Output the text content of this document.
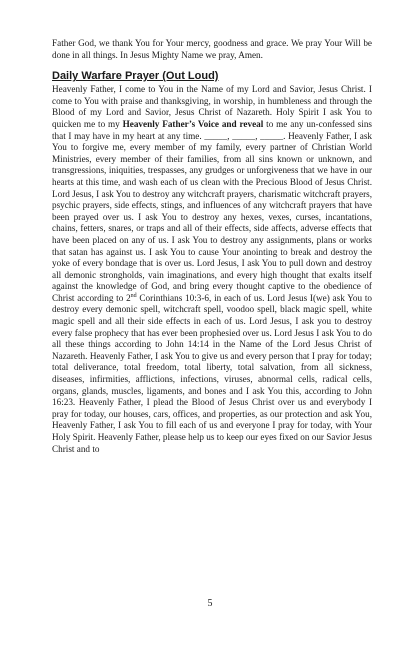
Father God, we thank You for Your mercy, goodness and grace. We pray Your Will be done in all things. In Jesus Mighty Name we pray, Amen.

Daily Warfare Prayer (Out Loud)

Heavenly Father, I come to You in the Name of my Lord and Savior, Jesus Christ. I come to You with praise and thanksgiving, in worship, in humbleness and through the Blood of my Lord and Savior, Jesus Christ of Nazareth. Holy Spirit I ask You to quicken me to my Heavenly Father’s Voice and reveal to me any un-confessed sins that I may have in my heart at any time. _____, _____, _____. Heavenly Father, I ask You to forgive me, every member of my family, every partner of Christian World Ministries, every member of their families, from all sins known or unknown, and transgressions, iniquities, trespasses, any grudges or unforgiveness that we have in our hearts at this time, and wash each of us clean with the Precious Blood of Jesus Christ. Lord Jesus, I ask You to destroy any witchcraft prayers, charismatic witchcraft prayers, psychic prayers, side effects, stings, and influences of any witchcraft prayers that have been prayed over us. I ask You to destroy any hexes, vexes, curses, incantations, chains, fetters, snares, or traps and all of their effects, side affects, adverse effects that have been placed on any of us. I ask You to destroy any assignments, plans or works that satan has against us. I ask You to cause Your anointing to break and destroy the yoke of every bondage that is over us. Lord Jesus, I ask You to pull down and destroy all demonic strongholds, vain imaginations, and every high thought that exalts itself against the knowledge of God, and bring every thought captive to the obedience of Christ according to 2nd Corinthians 10:3-6, in each of us. Lord Jesus I(we) ask You to destroy every demonic spell, witchcraft spell, voodoo spell, black magic spell, white magic spell and all their side effects in each of us. Lord Jesus, I ask you to destroy every false prophecy that has ever been prophesied over us. Lord Jesus I ask You to do all these things according to John 14:14 in the Name of the Lord Jesus Christ of Nazareth. Heavenly Father, I ask You to give us and every person that I pray for today; total deliverance, total freedom, total liberty, total salvation, from all sickness, diseases, infirmities, afflictions, infections, viruses, abnormal cells, radical cells, organs, glands, muscles, ligaments, and bones and I ask You this, according to John 16:23. Heavenly Father, I plead the Blood of Jesus Christ over us and everybody I pray for today, our houses, cars, offices, and properties, as our protection and ask You, Heavenly Father, I ask You to fill each of us and everyone I pray for today, with Your Holy Spirit. Heavenly Father, please help us to keep our eyes fixed on our Savior Jesus Christ and to

5
